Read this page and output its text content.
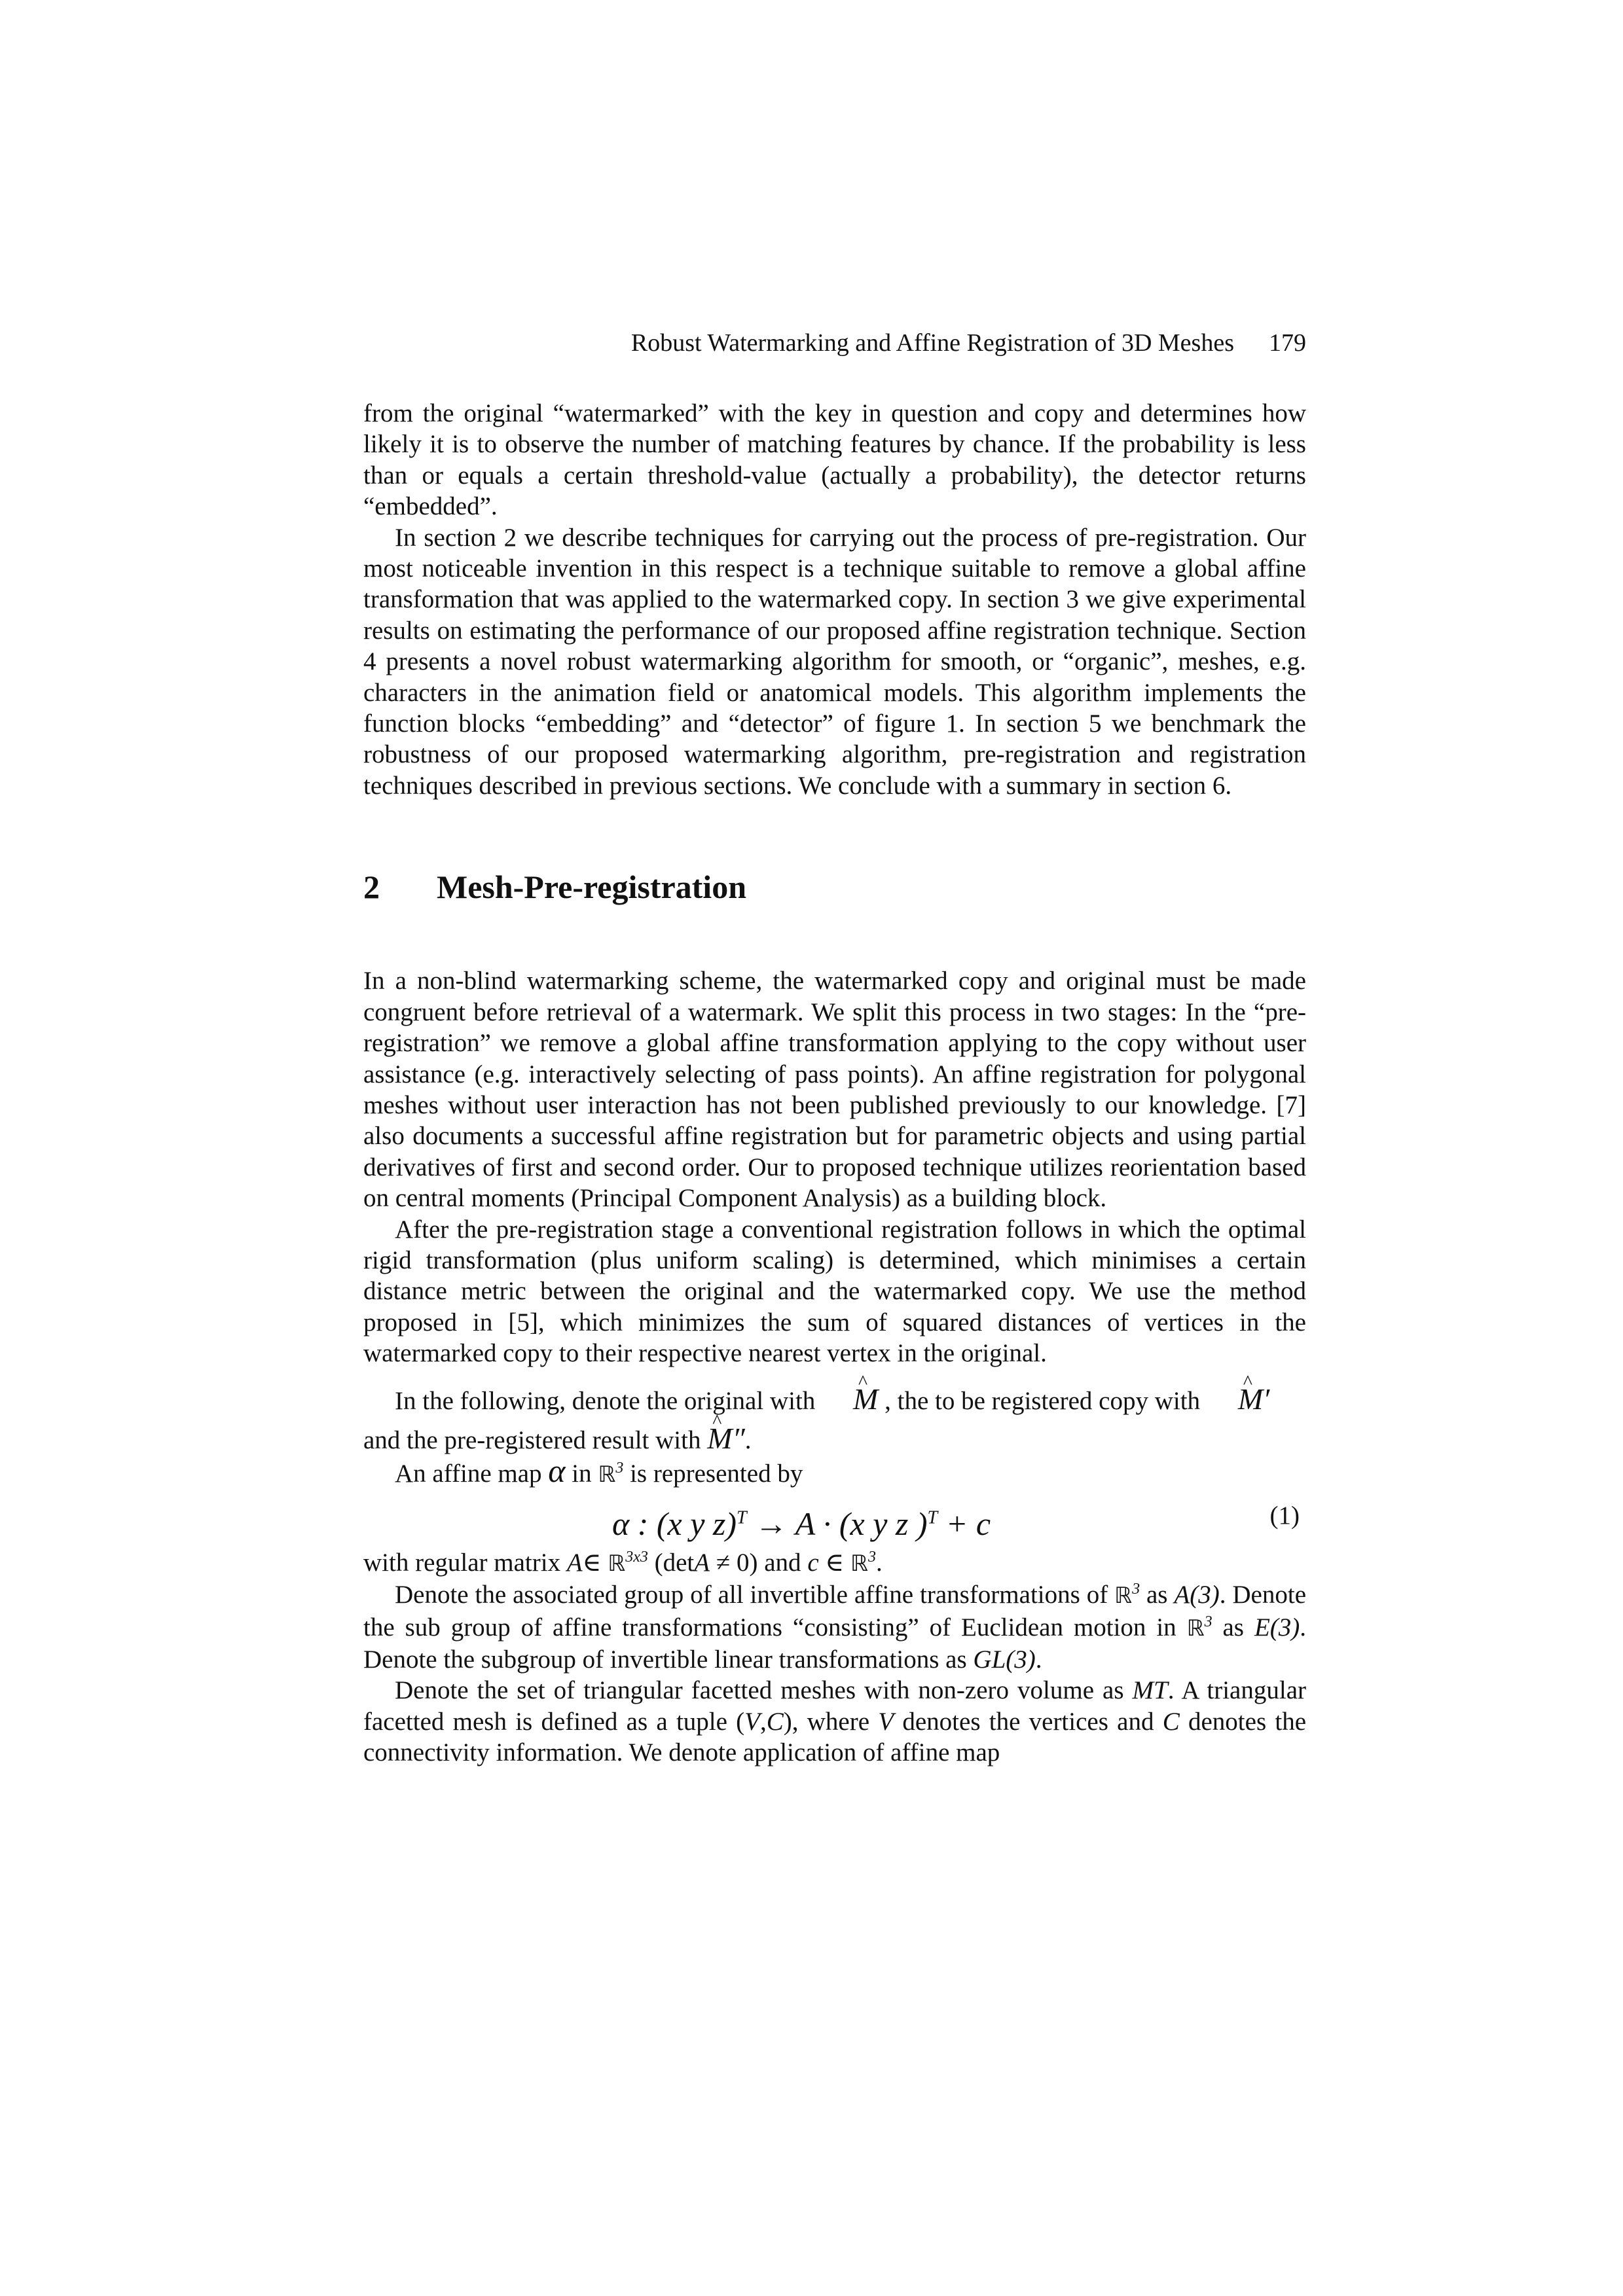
Robust Watermarking and Affine Registration of 3D Meshes 179

from the original “watermarked” with the key in question and copy and determines how likely it is to observe the number of matching features by chance. If the probability is less than or equals a certain threshold-value (actually a probability), the detector returns “embedded”.

In section 2 we describe techniques for carrying out the process of pre-registration. Our most noticeable invention in this respect is a technique suitable to remove a global affine transformation that was applied to the watermarked copy. In section 3 we give experimental results on estimating the performance of our proposed affine registration technique. Section 4 presents a novel robust watermarking algorithm for smooth, or “organic”, meshes, e.g. characters in the animation field or anatomical models. This algorithm implements the function blocks “embedding” and “detector” of figure 1. In section 5 we benchmark the robustness of our proposed watermarking algorithm, pre-registration and registration techniques described in previous sections. We conclude with a summary in section 6.

2	Mesh-Pre-registration

In a non-blind watermarking scheme, the watermarked copy and original must be made congruent before retrieval of a watermark. We split this process in two stages: In the “pre-registration” we remove a global affine transformation applying to the copy without user assistance (e.g. interactively selecting of pass points). An affine registration for polygonal meshes without user interaction has not been published previously to our knowledge. [7] also documents a successful affine registration but for parametric objects and using partial derivatives of first and second order. Our to proposed technique utilizes reorientation based on central moments (Principal Component Analysis) as a building block.

After the pre-registration stage a conventional registration follows in which the optimal rigid transformation (plus uniform scaling) is determined, which minimises a certain distance metric between the original and the watermarked copy. We use the method proposed in [5], which minimizes the sum of squared distances of vertices in the watermarked copy to their respective nearest vertex in the original.

In the following, denote the original with ^ M , the to be registered copy with ^ M′

and the pre-registered result with ^ M″.

An affine map α in ℝ$^3$ is represented by

α : (x y z)$^T$ → A · (x y z )$^T$ + c	(1)

with regular matrix A∈ ℝ$^{3x3}$ (detA ≠ 0) and c ∈ ℝ$^3$.

Denote the associated group of all invertible affine transformations of ℝ$^3$ as A(3). Denote the sub group of affine transformations “consisting” of Euclidean motion in ℝ$^3$ as E(3). Denote the subgroup of invertible linear transformations as GL(3).

Denote the set of triangular facetted meshes with non-zero volume as MT. A triangular facetted mesh is defined as a tuple (V,C), where V denotes the vertices and C denotes the connectivity information. We denote application of affine map
